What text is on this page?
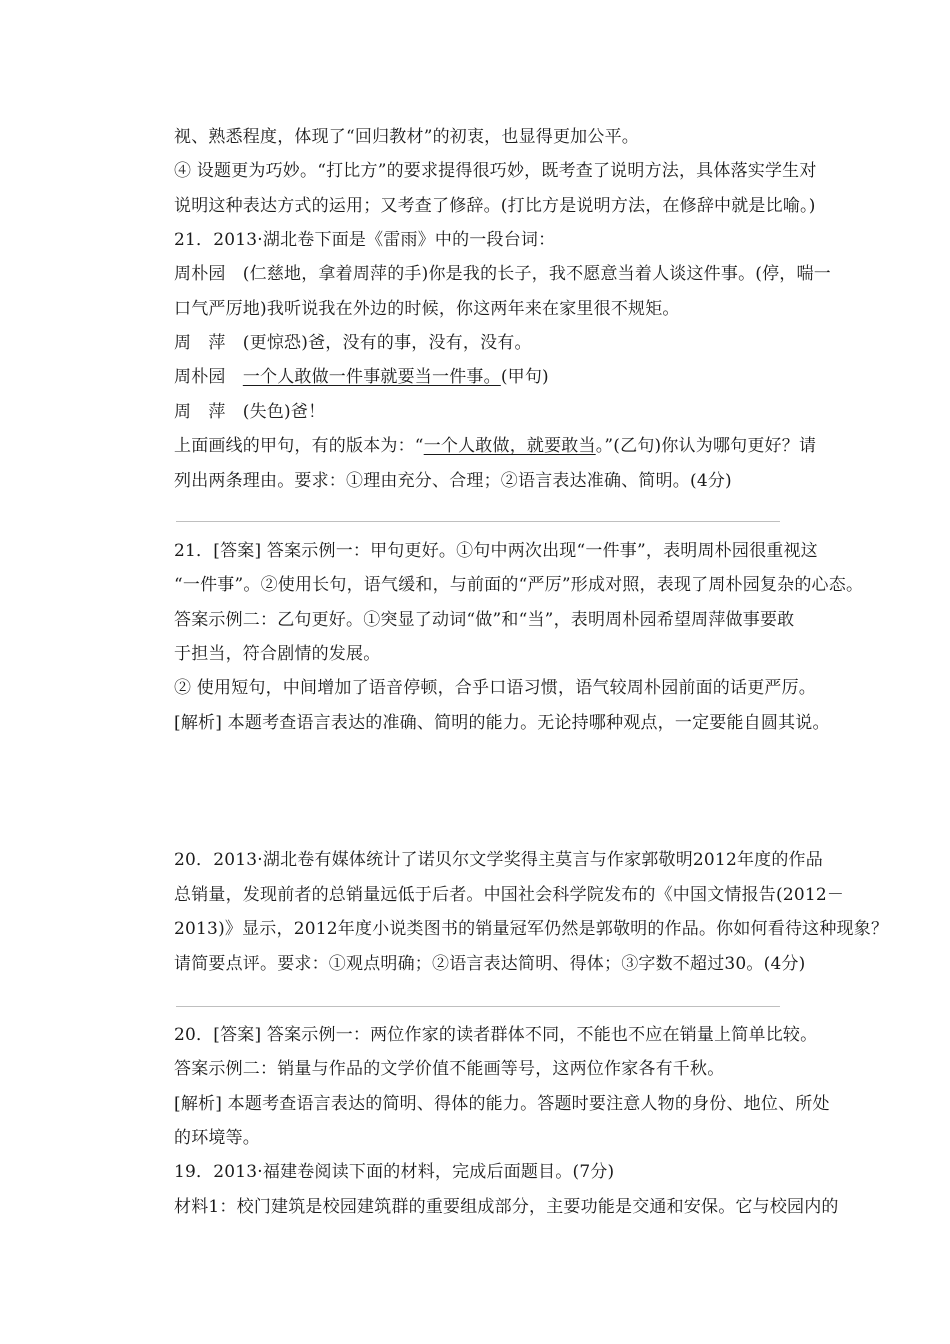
视、熟悉程度，体现了“回归教材”的初衷，也显得更加公平。
④ 设题更为巧妙。“打比方”的要求提得很巧妙，既考查了说明方法，具体落实学生对
说明这种表达方式的运用；又考查了修辞。(打比方是说明方法，在修辞中就是比喻。)
21．2013·湖北卷下面是《雷雨》中的一段台词：
周朴园　(仁慈地，拿着周萍的手)你是我的长子，我不愿意当着人谈这件事。(停，喘一
口气严厉地)我听说我在外边的时候，你这两年来在家里很不规矩。
周　萍　(更惊恐)爸，没有的事，没有，没有。
周朴园　一个人敢做一件事就要当一件事。(甲句)
周　萍　(失色)爸！
上面画线的甲句，有的版本为：“一个人敢做，就要敢当。”(乙句)你认为哪句更好？请
列出两条理由。要求：①理由充分、合理；②语言表达准确、简明。(4分)
21．[答案] 答案示例一：甲句更好。①句中两次出现“一件事”，表明周朴园很重视这
“一件事”。②使用长句，语气缓和，与前面的“严厉”形成对照，表现了周朴园复杂的心态。
答案示例二：乙句更好。①突显了动词“做”和“当”，表明周朴园希望周萍做事要敢
于担当，符合剧情的发展。
② 使用短句，中间增加了语音停顿，合乎口语习惯，语气较周朴园前面的话更严厉。
[解析] 本题考查语言表达的准确、简明的能力。无论持哪种观点，一定要能自圆其说。
20．2013·湖北卷有媒体统计了诺贝尔文学奖得主莫言与作家郭敬明2012年度的作品
总销量，发现前者的总销量远低于后者。中国社会科学院发布的《中国文情报告(2012－
2013)》显示，2012年度小说类图书的销量冠军仍然是郭敬明的作品。你如何看待这种现象？
请简要点评。要求：①观点明确；②语言表达简明、得体；③字数不超过30。(4分)
20．[答案] 答案示例一：两位作家的读者群体不同，不能也不应在销量上简单比较。
答案示例二：销量与作品的文学价值不能画等号，这两位作家各有千秋。
[解析] 本题考查语言表达的简明、得体的能力。答题时要注意人物的身份、地位、所处
的环境等。
19．2013·福建卷阅读下面的材料，完成后面题目。(7分)
材料1：校门建筑是校园建筑群的重要组成部分，主要功能是交通和安保。它与校园内的
